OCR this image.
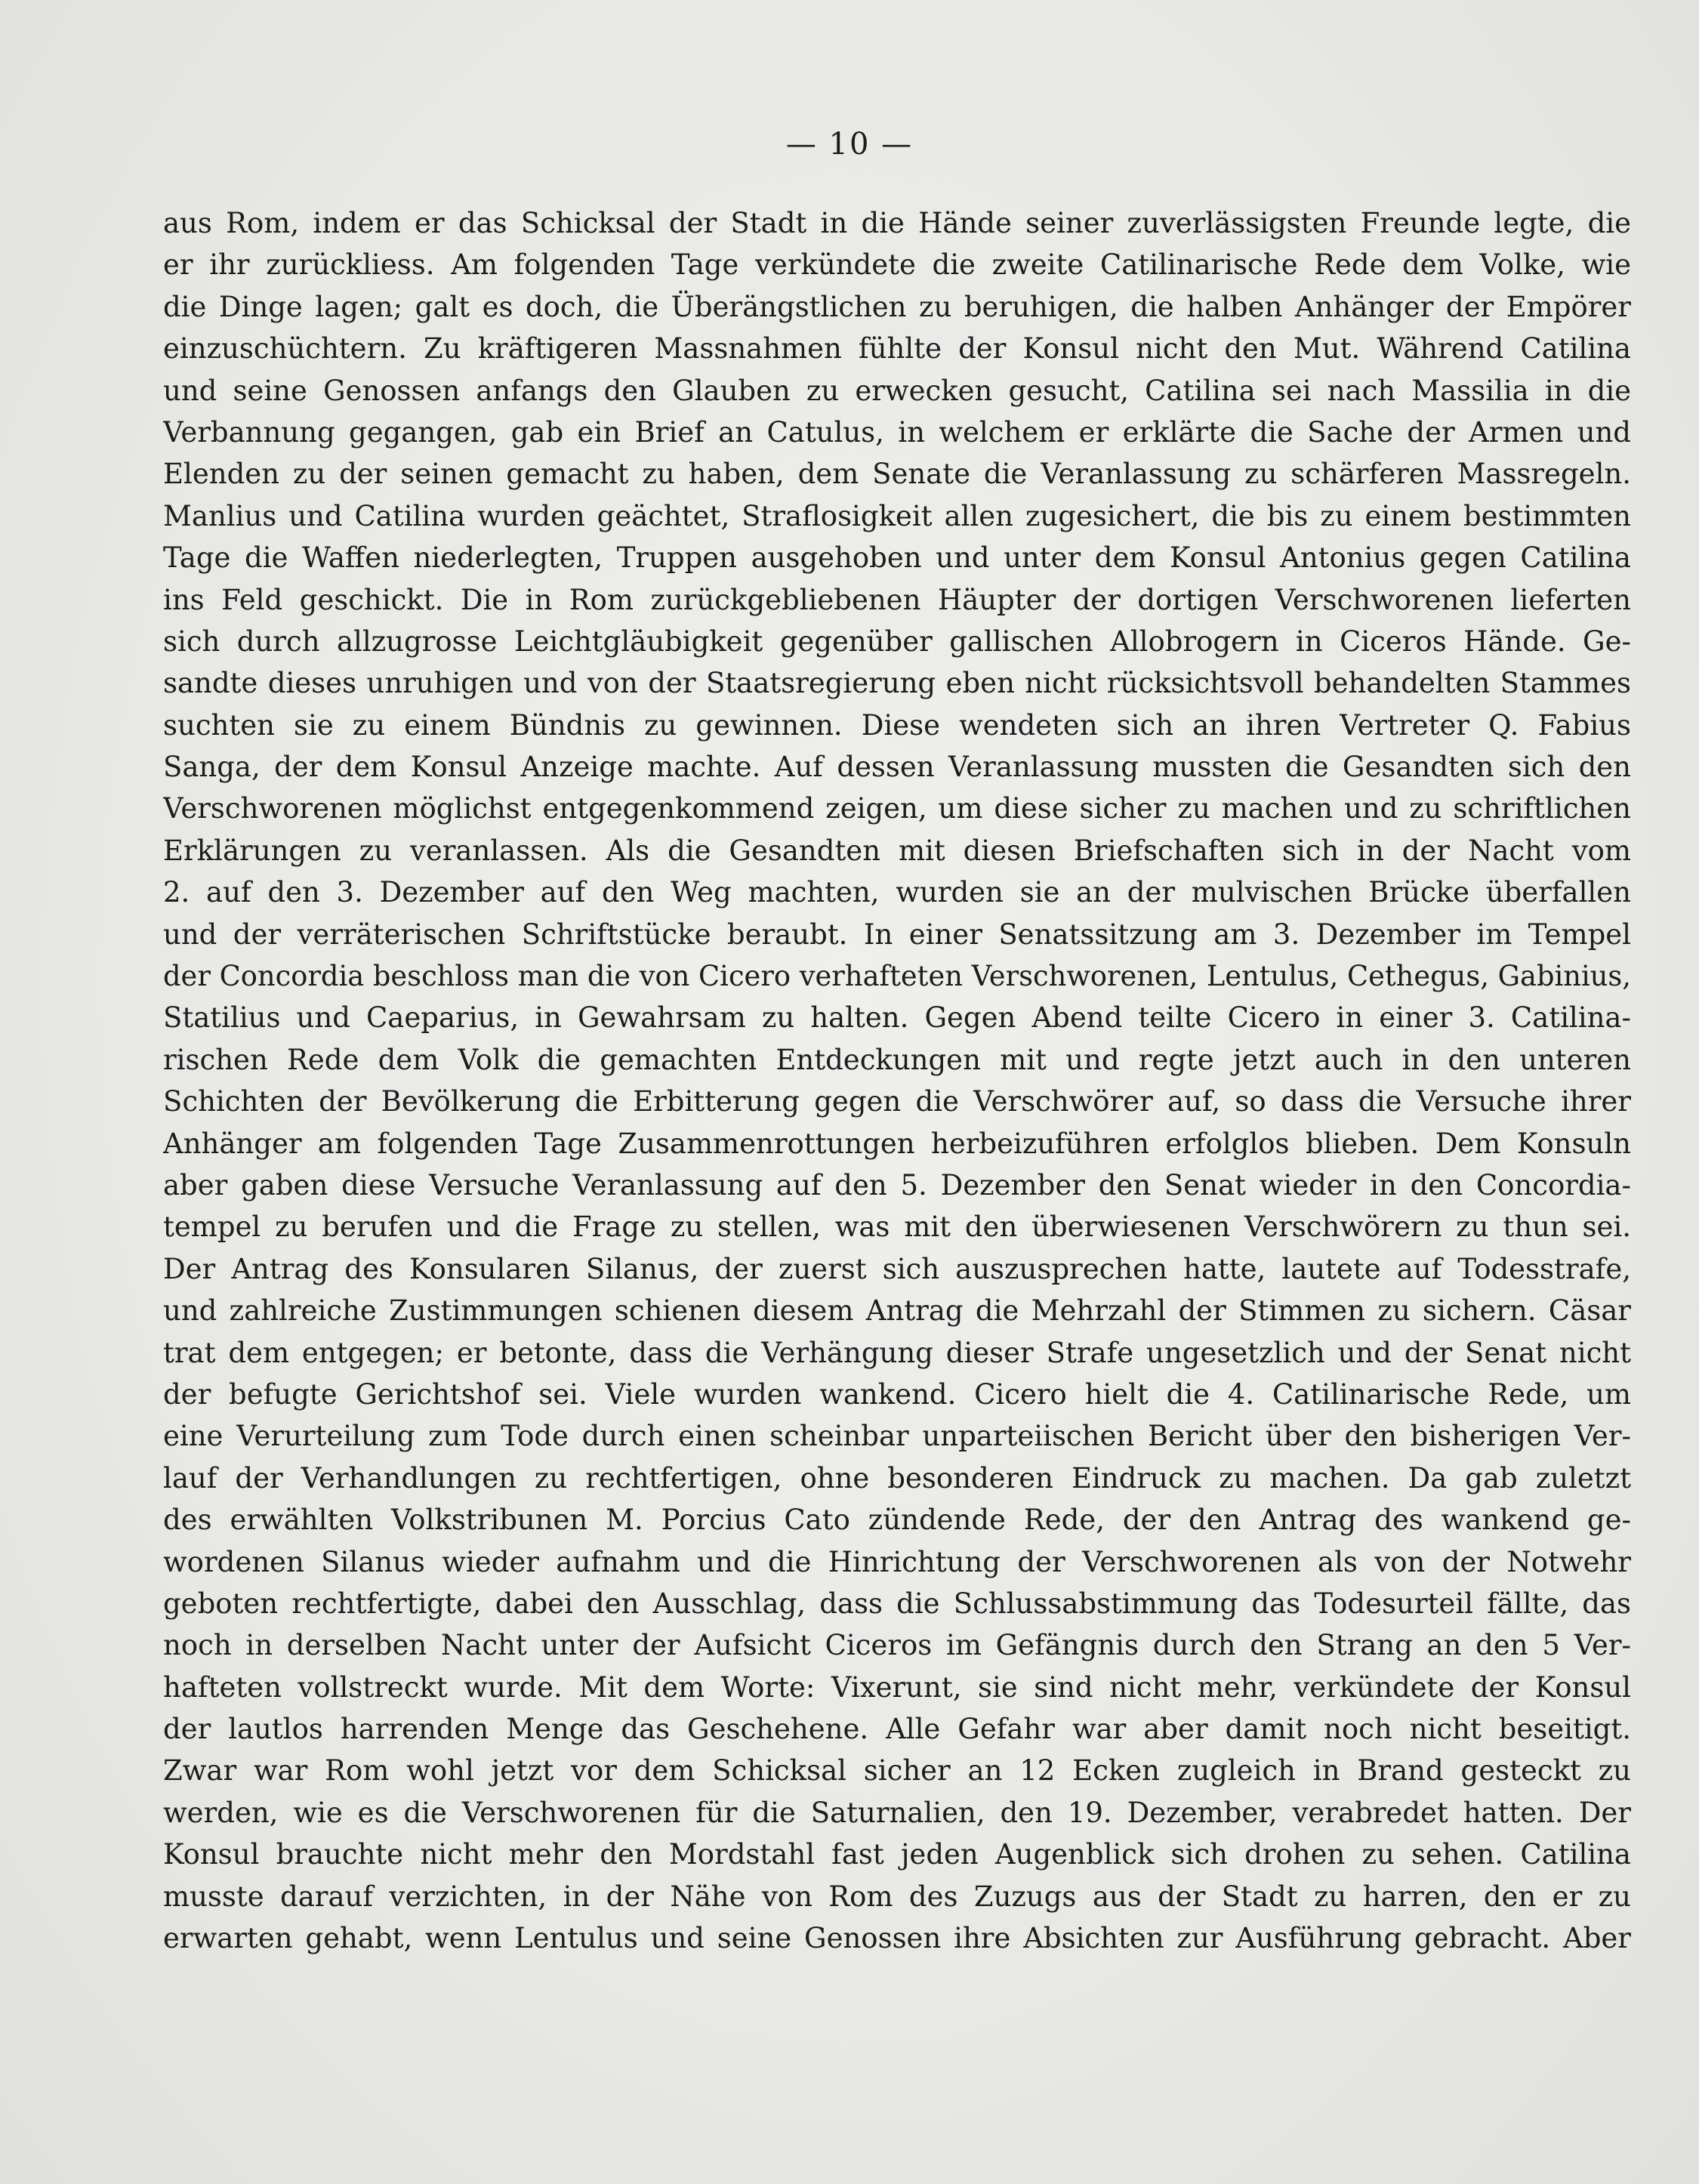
— 10 —
aus Rom, indem er das Schicksal der Stadt in die Hände seiner zuverlässigsten Freunde legte, die
er ihr zurückliess. Am folgenden Tage verkündete die zweite Catilinarische Rede dem Volke, wie
die Dinge lagen; galt es doch, die Überängstlichen zu beruhigen, die halben Anhänger der Empörer
einzuschüchtern. Zu kräftigeren Massnahmen fühlte der Konsul nicht den Mut. Während Catilina
und seine Genossen anfangs den Glauben zu erwecken gesucht, Catilina sei nach Massilia in die
Verbannung gegangen, gab ein Brief an Catulus, in welchem er erklärte die Sache der Armen und
Elenden zu der seinen gemacht zu haben, dem Senate die Veranlassung zu schärferen Massregeln.
Manlius und Catilina wurden geächtet, Straflosigkeit allen zugesichert, die bis zu einem bestimmten
Tage die Waffen niederlegten, Truppen ausgehoben und unter dem Konsul Antonius gegen Catilina
ins Feld geschickt. Die in Rom zurückgebliebenen Häupter der dortigen Verschworenen lieferten
sich durch allzugrosse Leichtgläubigkeit gegenüber gallischen Allobrogern in Ciceros Hände. Ge-
sandte dieses unruhigen und von der Staatsregierung eben nicht rücksichtsvoll behandelten Stammes
suchten sie zu einem Bündnis zu gewinnen. Diese wendeten sich an ihren Vertreter Q. Fabius
Sanga, der dem Konsul Anzeige machte. Auf dessen Veranlassung mussten die Gesandten sich den
Verschworenen möglichst entgegenkommend zeigen, um diese sicher zu machen und zu schriftlichen
Erklärungen zu veranlassen. Als die Gesandten mit diesen Briefschaften sich in der Nacht vom
2. auf den 3. Dezember auf den Weg machten, wurden sie an der mulvischen Brücke überfallen
und der verräterischen Schriftstücke beraubt. In einer Senatssitzung am 3. Dezember im Tempel
der Concordia beschloss man die von Cicero verhafteten Verschworenen, Lentulus, Cethegus, Gabinius,
Statilius und Caeparius, in Gewahrsam zu halten. Gegen Abend teilte Cicero in einer 3. Catilina-
rischen Rede dem Volk die gemachten Entdeckungen mit und regte jetzt auch in den unteren
Schichten der Bevölkerung die Erbitterung gegen die Verschwörer auf, so dass die Versuche ihrer
Anhänger am folgenden Tage Zusammenrottungen herbeizuführen erfolglos blieben. Dem Konsuln
aber gaben diese Versuche Veranlassung auf den 5. Dezember den Senat wieder in den Concordia-
tempel zu berufen und die Frage zu stellen, was mit den überwiesenen Verschwörern zu thun sei.
Der Antrag des Konsularen Silanus, der zuerst sich auszusprechen hatte, lautete auf Todesstrafe,
und zahlreiche Zustimmungen schienen diesem Antrag die Mehrzahl der Stimmen zu sichern. Cäsar
trat dem entgegen; er betonte, dass die Verhängung dieser Strafe ungesetzlich und der Senat nicht
der befugte Gerichtshof sei. Viele wurden wankend. Cicero hielt die 4. Catilinarische Rede, um
eine Verurteilung zum Tode durch einen scheinbar unparteiischen Bericht über den bisherigen Ver-
lauf der Verhandlungen zu rechtfertigen, ohne besonderen Eindruck zu machen. Da gab zuletzt
des erwählten Volkstribunen M. Porcius Cato zündende Rede, der den Antrag des wankend ge-
wordenen Silanus wieder aufnahm und die Hinrichtung der Verschworenen als von der Notwehr
geboten rechtfertigte, dabei den Ausschlag, dass die Schlussabstimmung das Todesurteil fällte, das
noch in derselben Nacht unter der Aufsicht Ciceros im Gefängnis durch den Strang an den 5 Ver-
hafteten vollstreckt wurde. Mit dem Worte: Vixerunt, sie sind nicht mehr, verkündete der Konsul
der lautlos harrenden Menge das Geschehene. Alle Gefahr war aber damit noch nicht beseitigt.
Zwar war Rom wohl jetzt vor dem Schicksal sicher an 12 Ecken zugleich in Brand gesteckt zu
werden, wie es die Verschworenen für die Saturnalien, den 19. Dezember, verabredet hatten. Der
Konsul brauchte nicht mehr den Mordstahl fast jeden Augenblick sich drohen zu sehen. Catilina
musste darauf verzichten, in der Nähe von Rom des Zuzugs aus der Stadt zu harren, den er zu
erwarten gehabt, wenn Lentulus und seine Genossen ihre Absichten zur Ausführung gebracht. Aber
